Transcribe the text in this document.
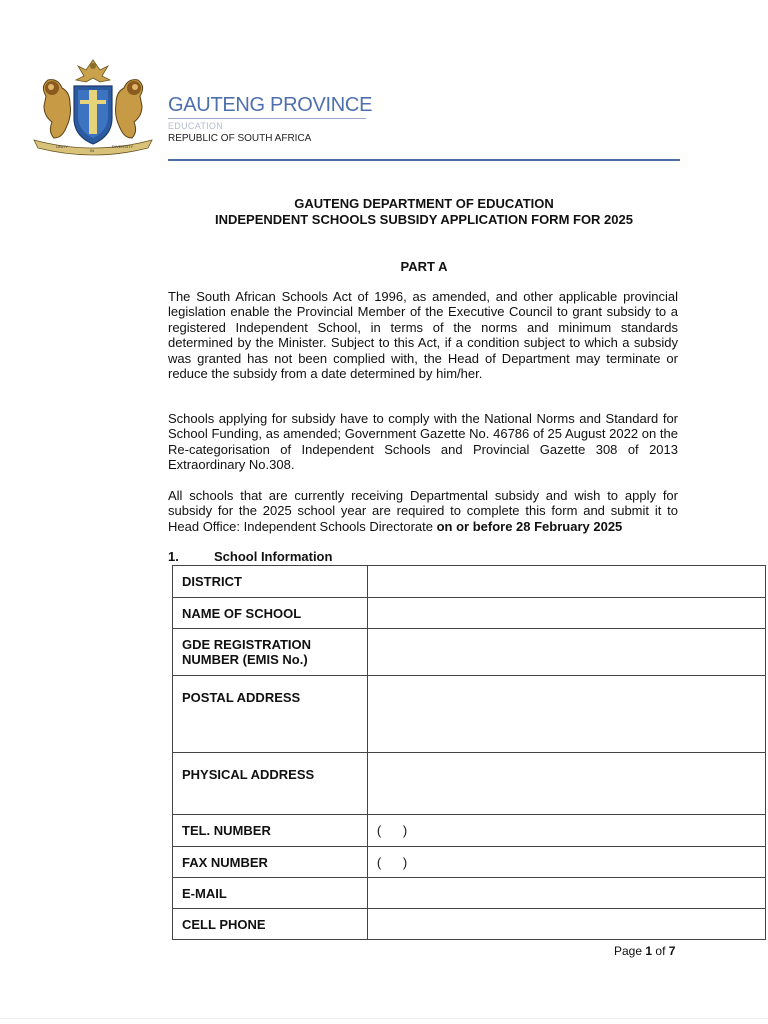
UNITY
IN
DIVERSITY
GAUTENG PROVINCE
EDUCATION
REPUBLIC OF SOUTH AFRICA
GAUTENG DEPARTMENT OF EDUCATION
INDEPENDENT SCHOOLS SUBSIDY APPLICATION FORM FOR 2025
PART A
The South African Schools Act of 1996, as amended, and other applicable provincial legislation enable the Provincial Member of the Executive Council to grant subsidy to a registered Independent School, in terms of the norms and minimum standards determined by the Minister. Subject to this Act, if a condition subject to which a subsidy was granted has not been complied with, the Head of Department may terminate or reduce the subsidy from a date determined by him/her.
Schools applying for subsidy have to comply with the National Norms and Standard for School Funding, as amended; Government Gazette No. 46786 of 25 August 2022 on the Re-categorisation of Independent Schools and Provincial Gazette 308 of 2013 Extraordinary No.308.
All schools that are currently receiving Departmental subsidy and wish to apply for subsidy for the 2025 school year are required to complete this form and submit it to Head Office: Independent Schools Directorate on or before 28 February 2025
1.	School Information
DISTRICT	
NAME OF SCHOOL	
GDE REGISTRATION NUMBER (EMIS No.)	
POSTAL ADDRESS	
PHYSICAL ADDRESS	
TEL. NUMBER	(      )
FAX NUMBER	(      )
E-MAIL	
CELL PHONE	
Page 1 of 7
